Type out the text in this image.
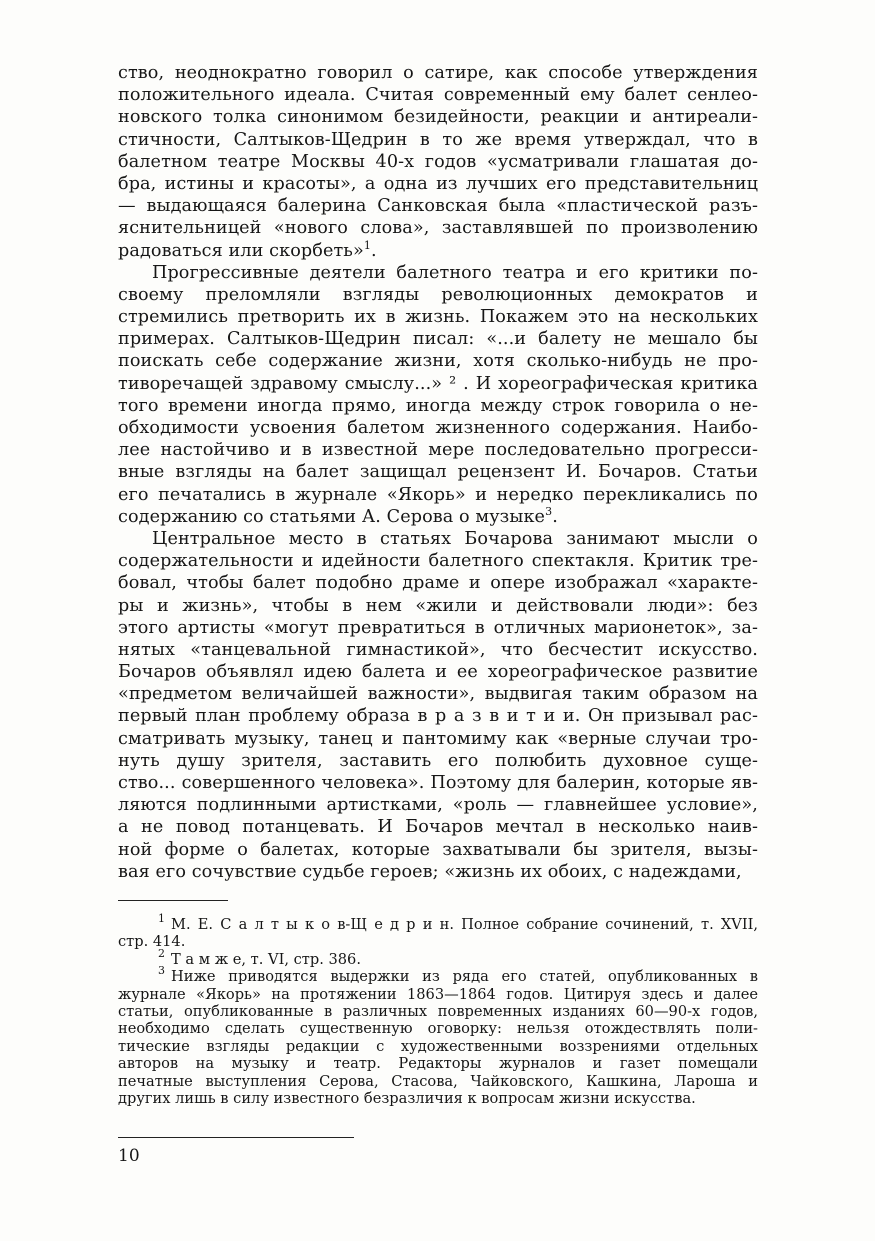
ство, неоднократно говорил о сатире, как способе утверждения
положительного идеала. Считая современный ему балет сенлео-
новского толка синонимом безидейности, реакции и антиреали-
стичности, Салтыков-Щедрин в то же время утверждал, что в
балетном театре Москвы 40-х годов «усматривали глашатая до-
бра, истины и красоты», а одна из лучших его представительниц
— выдающаяся балерина Санковская была «пластической разъ-
яснительницей «нового слова», заставлявшей по произволению
радоваться или скорбеть»$^1$.
Прогрессивные деятели балетного театра и его критики по-
своему преломляли взгляды революционных демократов и
стремились претворить их в жизнь. Покажем это на нескольких
примерах. Салтыков-Щедрин писал: «...и балету не мешало бы
поискать себе содержание жизни, хотя сколько-нибудь не про-
тиворечащей здравому смыслу...» ² . И хореографическая критика
того времени иногда прямо, иногда между строк говорила о не-
обходимости усвоения балетом жизненного содержания. Наибо-
лее настойчиво и в известной мере последовательно прогресси-
вные взгляды на балет защищал рецензент И. Бочаров. Статьи
его печатались в журнале «Якорь» и нередко перекликались по
содержанию со статьями А. Серова о музыке$^3$.
Центральное место в статьях Бочарова занимают мысли о
содержательности и идейности балетного спектакля. Критик тре-
бовал, чтобы балет подобно драме и опере изображал «характе-
ры и жизнь», чтобы в нем «жили и действовали люди»: без
этого артисты «могут превратиться в отличных марионеток», за-
нятых «танцевальной гимнастикой», что бесчестит искусство.
Бочаров объявлял идею балета и ее хореографическое развитие
«предметом величайшей важности», выдвигая таким образом на
первый план проблему образа в р а з в и т и и. Он призывал рас-
сматривать музыку, танец и пантомиму как «верные случаи тро-
нуть душу зрителя, заставить его полюбить духовное суще-
ство... совершенного человека». Поэтому для балерин, которые яв-
ляются подлинными артистками, «роль — главнейшее условие»,
а не повод потанцевать. И Бочаров мечтал в несколько наив-
ной форме о балетах, которые захватывали бы зрителя, вызы-
вая его сочувствие судьбе героев; «жизнь их обоих, с надеждами,
$^1$ М. Е. С а л т ы к о в-Щ е д р и н. Полное собрание сочинений, т. XVII,
стр. 414.
$^2$ Т а м ж е, т. VI, стр. 386.
$^3$ Ниже приводятся выдержки из ряда его статей, опубликованных в
журнале «Якорь» на протяжении 1863—1864 годов. Цитируя здесь и далее
статьи, опубликованные в различных повременных изданиях 60—90-х годов,
необходимо сделать существенную оговорку: нельзя отождествлять поли-
тические взгляды редакции с художественными воззрениями отдельных
авторов на музыку и театр. Редакторы журналов и газет помещали
печатные выступления Серова, Стасова, Чайковского, Кашкина, Лароша и
других лишь в силу известного безразличия к вопросам жизни искусства.
10
